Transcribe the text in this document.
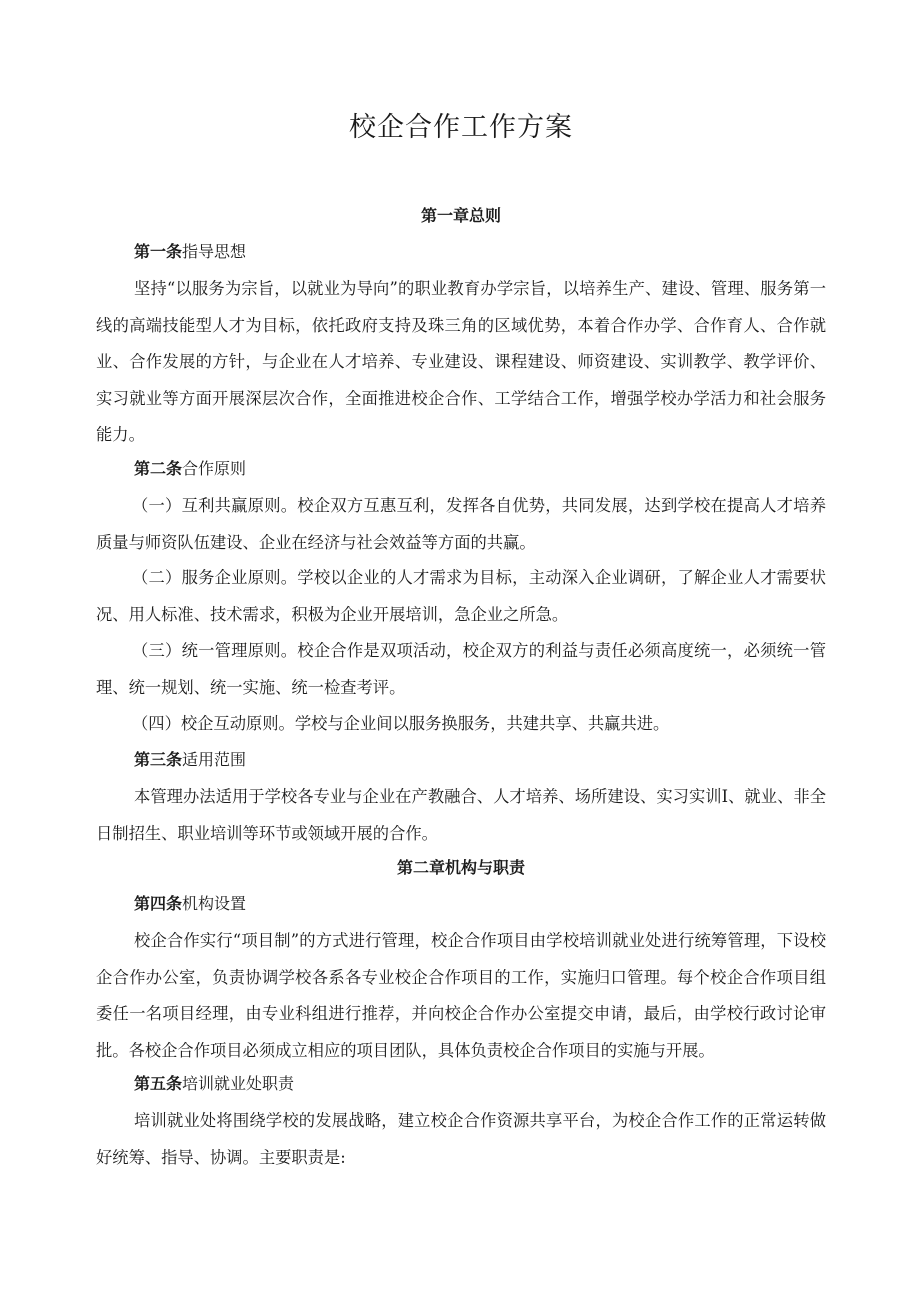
校企合作工作方案
第一章总则

第一条指导思想

坚持“以服务为宗旨，以就业为导向”的职业教育办学宗旨，以培养生产、建设、管理、服务第一线的高端技能型人才为目标，依托政府支持及珠三角的区域优势，本着合作办学、合作育人、合作就业、合作发展的方针，与企业在人才培养、专业建设、课程建设、师资建设、实训教学、教学评价、实习就业等方面开展深层次合作，全面推进校企合作、工学结合工作，增强学校办学活力和社会服务能力。

第二条合作原则

（一）互利共赢原则。校企双方互惠互利，发挥各自优势，共同发展，达到学校在提高人才培养质量与师资队伍建设、企业在经济与社会效益等方面的共赢。

（二）服务企业原则。学校以企业的人才需求为目标，主动深入企业调研，了解企业人才需要状况、用人标准、技术需求，积极为企业开展培训，急企业之所急。

（三）统一管理原则。校企合作是双项活动，校企双方的利益与责任必须高度统一，必须统一管理、统一规划、统一实施、统一检查考评。

（四）校企互动原则。学校与企业间以服务换服务，共建共享、共赢共进。

第三条适用范围

本管理办法适用于学校各专业与企业在产教融合、人才培养、场所建设、实习实训I、就业、非全日制招生、职业培训等环节或领域开展的合作。

第二章机构与职责

第四条机构设置

校企合作实行“项目制”的方式进行管理，校企合作项目由学校培训就业处进行统筹管理，下设校企合作办公室，负责协调学校各系各专业校企合作项目的工作，实施归口管理。每个校企合作项目组委任一名项目经理，由专业科组进行推荐，并向校企合作办公室提交申请，最后，由学校行政讨论审批。各校企合作项目必须成立相应的项目团队，具体负责校企合作项目的实施与开展。

第五条培训就业处职责

培训就业处将围绕学校的发展战略，建立校企合作资源共享平台，为校企合作工作的正常运转做好统筹、指导、协调。主要职责是:
